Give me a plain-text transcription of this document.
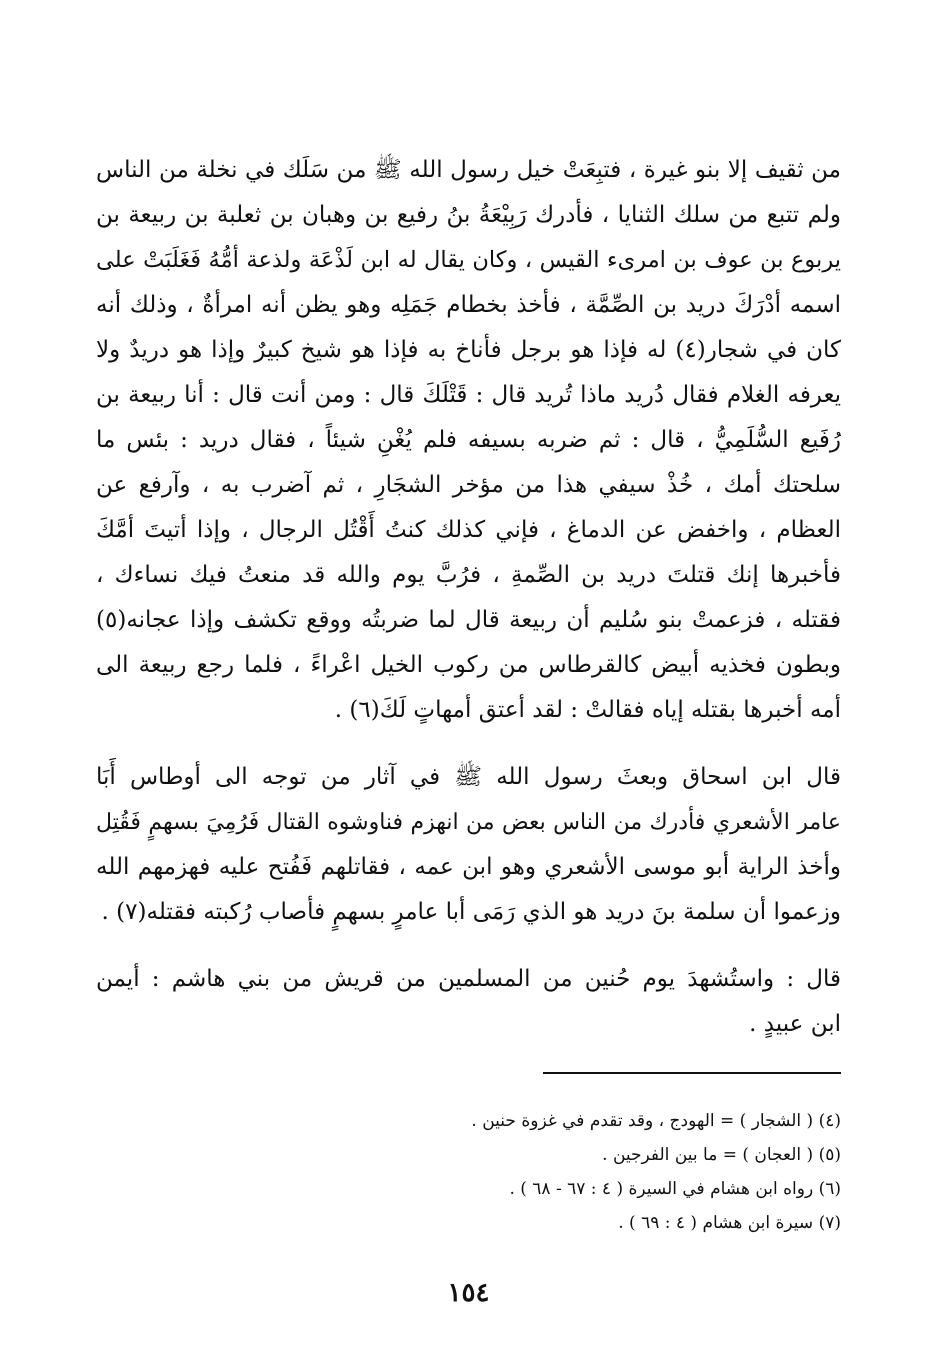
من ثقيف إلا بنو غيرة ، فتبِعَتْ خيل رسول الله ﷺ من سَلَك في نخلة من الناس
ولم تتبع من سلك الثنايا ، فأدرك رَبِيْعَةُ بنُ رفيع بن وهبان بن ثعلبة بن ربيعة بن
يربوع بن عوف بن امرىء القيس ، وكان يقال له ابن لَذْعَة ولذعة أمُّهُ فَغَلَبَتْ على
اسمه أدْرَكَ دريد بن الصِّمَّة ، فأخذ بخطام جَمَلِه وهو يظن أنه امرأةٌ ، وذلك أنه
كان في شجار(٤) له فإذا هو برجل فأناخ به فإذا هو شيخ كبيرٌ وإذا هو دريدٌ ولا
يعرفه الغلام فقال دُريد ماذا تُريد قال : قَتْلَكَ قال : ومن أنت قال : أنا ربيعة بن
رُفَيع السُّلَمِيُّ ، قال : ثم ضربه بسيفه فلم يُغْنِ شيئاً ، فقال دريد : بئس ما
سلحتك أمك ، خُذْ سيفي هذا من مؤخر الشجَارِ ، ثم آضرب به ، وآرفع عن
العظام ، واخفض عن الدماغ ، فإني كذلك كنتُ أَقْتُل الرجال ، وإذا أتيتَ أمَّكَ
فأخبرها إنك قتلتَ دريد بن الصِّمةِ ، فرُبَّ يوم والله قد منعتُ فيك نساءك ،
فقتله ، فزعمتْ بنو سُليم أن ربيعة قال لما ضربتُه ووقع تكشف وإذا عجانه(٥)
وبطون فخذيه أبيض كالقرطاس من ركوب الخيل اعْراءً ، فلما رجع ربيعة الى
أمه أخبرها بقتله إياه فقالتْ : لقد أعتق أمهاتٍ لَكَ(٦) .
قال ابن اسحاق وبعثَ رسول الله ﷺ في آثار من توجه الى أوطاس أَبَا
عامر الأشعري فأدرك من الناس بعض من انهزم فناوشوه القتال فَرُمِيَ بسهمٍ فَقُتِل
وأخذ الراية أبو موسى الأشعري وهو ابن عمه ، فقاتلهم فَفُتح عليه فهزمهم الله
وزعموا أن سلمة بنَ دريد هو الذي رَمَى أبا عامرٍ بسهمٍ فأصاب رُكبته فقتله(٧) .
قال : واستُشهدَ يوم حُنين من المسلمين من قريش من بني هاشم : أيمن
ابن عبيدٍ .
(٤) ( الشجار ) = الهودج ، وقد تقدم في غزوة حنين .
(٥) ( العجان ) = ما بين الفرجين .
(٦) رواه ابن هشام في السيرة ( ٤ : ٦٧ - ٦٨ ) .
(٧) سيرة ابن هشام ( ٤ : ٦٩ ) .
١٥٤
